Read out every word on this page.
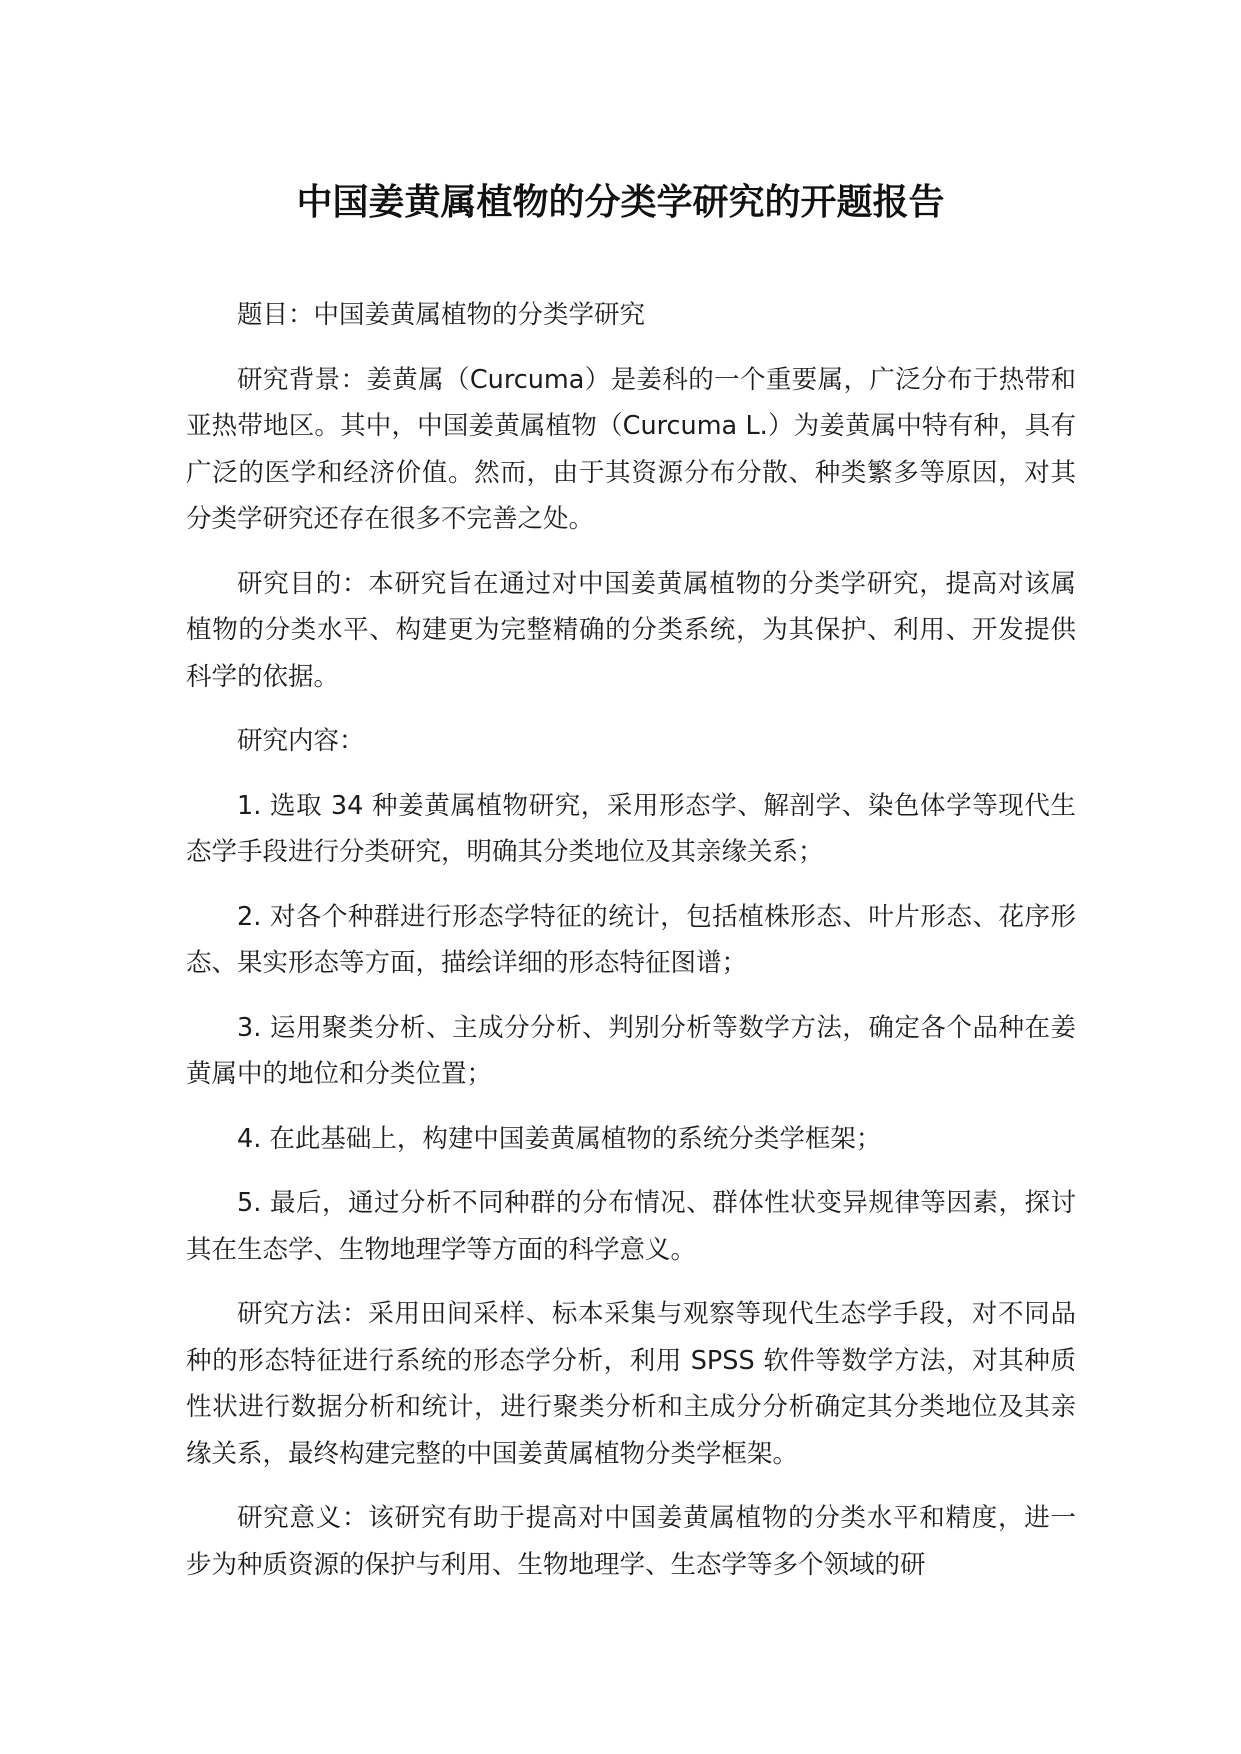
中国姜黄属植物的分类学研究的开题报告

题目：中国姜黄属植物的分类学研究

研究背景：姜黄属（Curcuma）是姜科的一个重要属，广泛分布于热带和亚热带地区。其中，中国姜黄属植物（Curcuma L.）为姜黄属中特有种，具有广泛的医学和经济价值。然而，由于其资源分布分散、种类繁多等原因，对其分类学研究还存在很多不完善之处。

研究目的：本研究旨在通过对中国姜黄属植物的分类学研究，提高对该属植物的分类水平、构建更为完整精确的分类系统，为其保护、利用、开发提供科学的依据。

研究内容：

1. 选取 34 种姜黄属植物研究，采用形态学、解剖学、染色体学等现代生态学手段进行分类研究，明确其分类地位及其亲缘关系；

2. 对各个种群进行形态学特征的统计，包括植株形态、叶片形态、花序形态、果实形态等方面，描绘详细的形态特征图谱；

3. 运用聚类分析、主成分分析、判别分析等数学方法，确定各个品种在姜黄属中的地位和分类位置；

4. 在此基础上，构建中国姜黄属植物的系统分类学框架；

5. 最后，通过分析不同种群的分布情况、群体性状变异规律等因素，探讨其在生态学、生物地理学等方面的科学意义。

研究方法：采用田间采样、标本采集与观察等现代生态学手段，对不同品种的形态特征进行系统的形态学分析，利用 SPSS 软件等数学方法，对其种质性状进行数据分析和统计，进行聚类分析和主成分分析确定其分类地位及其亲缘关系，最终构建完整的中国姜黄属植物分类学框架。

研究意义：该研究有助于提高对中国姜黄属植物的分类水平和精度，进一步为种质资源的保护与利用、生物地理学、生态学等多个领域的研
